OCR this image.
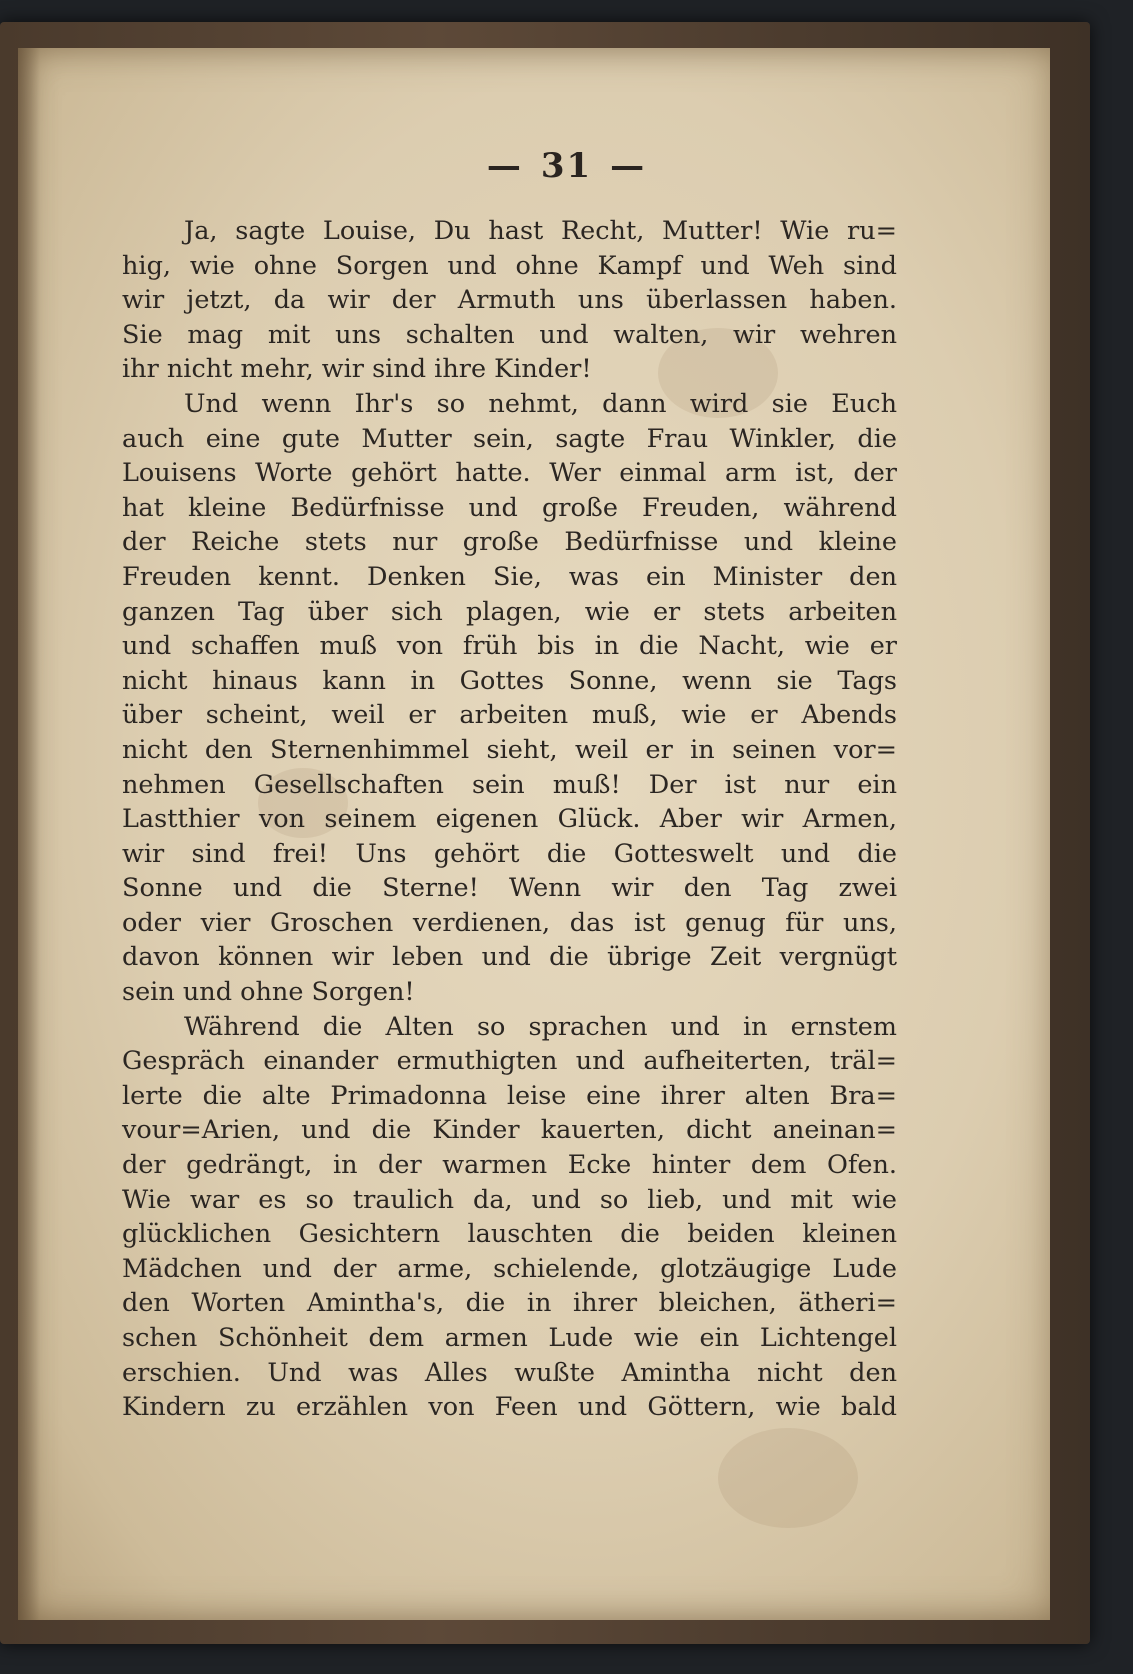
— 31 —
Ja, sagte Louise, Du hast Recht, Mutter! Wie ru=
hig, wie ohne Sorgen und ohne Kampf und Weh sind
wir jetzt, da wir der Armuth uns überlassen haben.
Sie mag mit uns schalten und walten, wir wehren
ihr nicht mehr, wir sind ihre Kinder!
Und wenn Ihr's so nehmt, dann wird sie Euch
auch eine gute Mutter sein, sagte Frau Winkler, die
Louisens Worte gehört hatte. Wer einmal arm ist, der
hat kleine Bedürfnisse und große Freuden, während
der Reiche stets nur große Bedürfnisse und kleine
Freuden kennt. Denken Sie, was ein Minister den
ganzen Tag über sich plagen, wie er stets arbeiten
und schaffen muß von früh bis in die Nacht, wie er
nicht hinaus kann in Gottes Sonne, wenn sie Tags
über scheint, weil er arbeiten muß, wie er Abends
nicht den Sternenhimmel sieht, weil er in seinen vor=
nehmen Gesellschaften sein muß! Der ist nur ein
Lastthier von seinem eigenen Glück. Aber wir Armen,
wir sind frei! Uns gehört die Gotteswelt und die
Sonne und die Sterne! Wenn wir den Tag zwei
oder vier Groschen verdienen, das ist genug für uns,
davon können wir leben und die übrige Zeit vergnügt
sein und ohne Sorgen!
Während die Alten so sprachen und in ernstem
Gespräch einander ermuthigten und aufheiterten, träl=
lerte die alte Primadonna leise eine ihrer alten Bra=
vour=Arien, und die Kinder kauerten, dicht aneinan=
der gedrängt, in der warmen Ecke hinter dem Ofen.
Wie war es so traulich da, und so lieb, und mit wie
glücklichen Gesichtern lauschten die beiden kleinen
Mädchen und der arme, schielende, glotzäugige Lude
den Worten Amintha's, die in ihrer bleichen, ätheri=
schen Schönheit dem armen Lude wie ein Lichtengel
erschien. Und was Alles wußte Amintha nicht den
Kindern zu erzählen von Feen und Göttern, wie bald
